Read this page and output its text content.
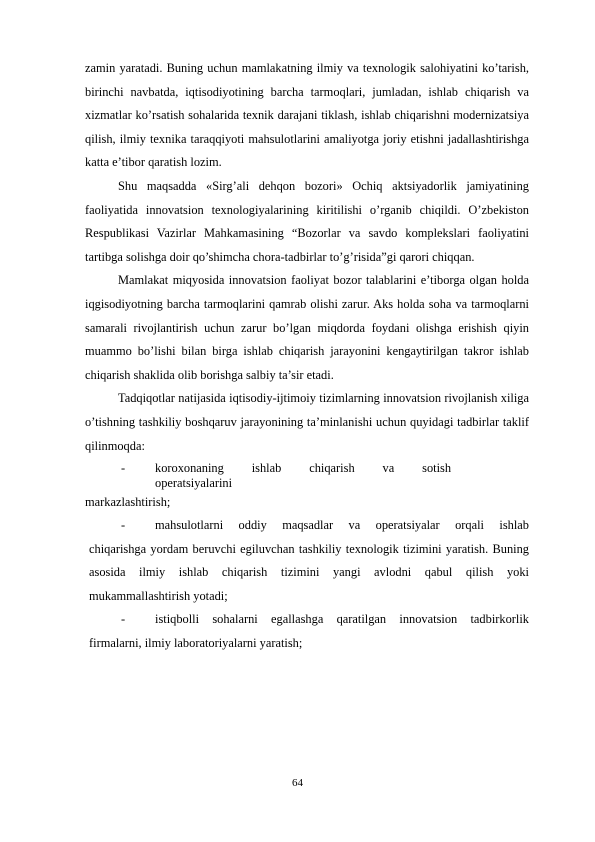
zamin yaratadi. Buning uchun mamlakatning ilmiy va texnologik salohiyatini ko’tarish, birinchi navbatda, iqtisodiyotining barcha tarmoqlari, jumladan, ishlab chiqarish va xizmatlar ko’rsatish sohalarida texnik darajani tiklash, ishlab chiqarishni modernizatsiya qilish, ilmiy texnika taraqqiyoti mahsulotlarini amaliyotga joriy etishni jadallashtirishga katta e’tibor qaratish lozim.

Shu maqsadda «Sirg’ali dehqon bozori» Ochiq aktsiyadorlik jamiyatining faoliyatida innovatsion texnologiyalarining kiritilishi o’rganib chiqildi. O’zbekiston Respublikasi Vazirlar Mahkamasining “Bozorlar va savdo komplekslari faoliyatini tartibga solishga doir qo’shimcha chora-tadbirlar to’g’risida”gi qarori chiqqan.

Mamlakat miqyosida innovatsion faoliyat bozor talablarini e’tiborga olgan holda iqgisodiyotning barcha tarmoqlarini qamrab olishi zarur. Aks holda soha va tarmoqlarni samarali rivojlantirish uchun zarur bo’lgan miqdorda foydani olishga erishish qiyin muammo bo’lishi bilan birga ishlab chiqarish jarayonini kengaytirilgan takror ishlab chiqarish shaklida olib borishga salbiy ta’sir etadi.

Tadqiqotlar natijasida iqtisodiy-ijtimoiy tizimlarning innovatsion rivojlanish xiliga o’tishning tashkiliy boshqaruv jarayonining ta’minlanishi uchun quyidagi tadbirlar taklif qilinmoqda:

-	koroxonaning ishlab chiqarish va sotish
operatsiyalarini
markazlashtirish;
-	mahsulotlarni oddiy maqsadlar va operatsiyalar orqali ishlab

chiqarishga yordam beruvchi egiluvchan tashkiliy texnologik tizimini yaratish. Buning asosida ilmiy ishlab chiqarish tizimini yangi avlodni qabul qilish yoki mukammallashtirish yotadi;

-	istiqbolli sohalarni egallashga qaratilgan innovatsion tadbirkorlik

firmalarni, ilmiy laboratoriyalarni yaratish;

64
